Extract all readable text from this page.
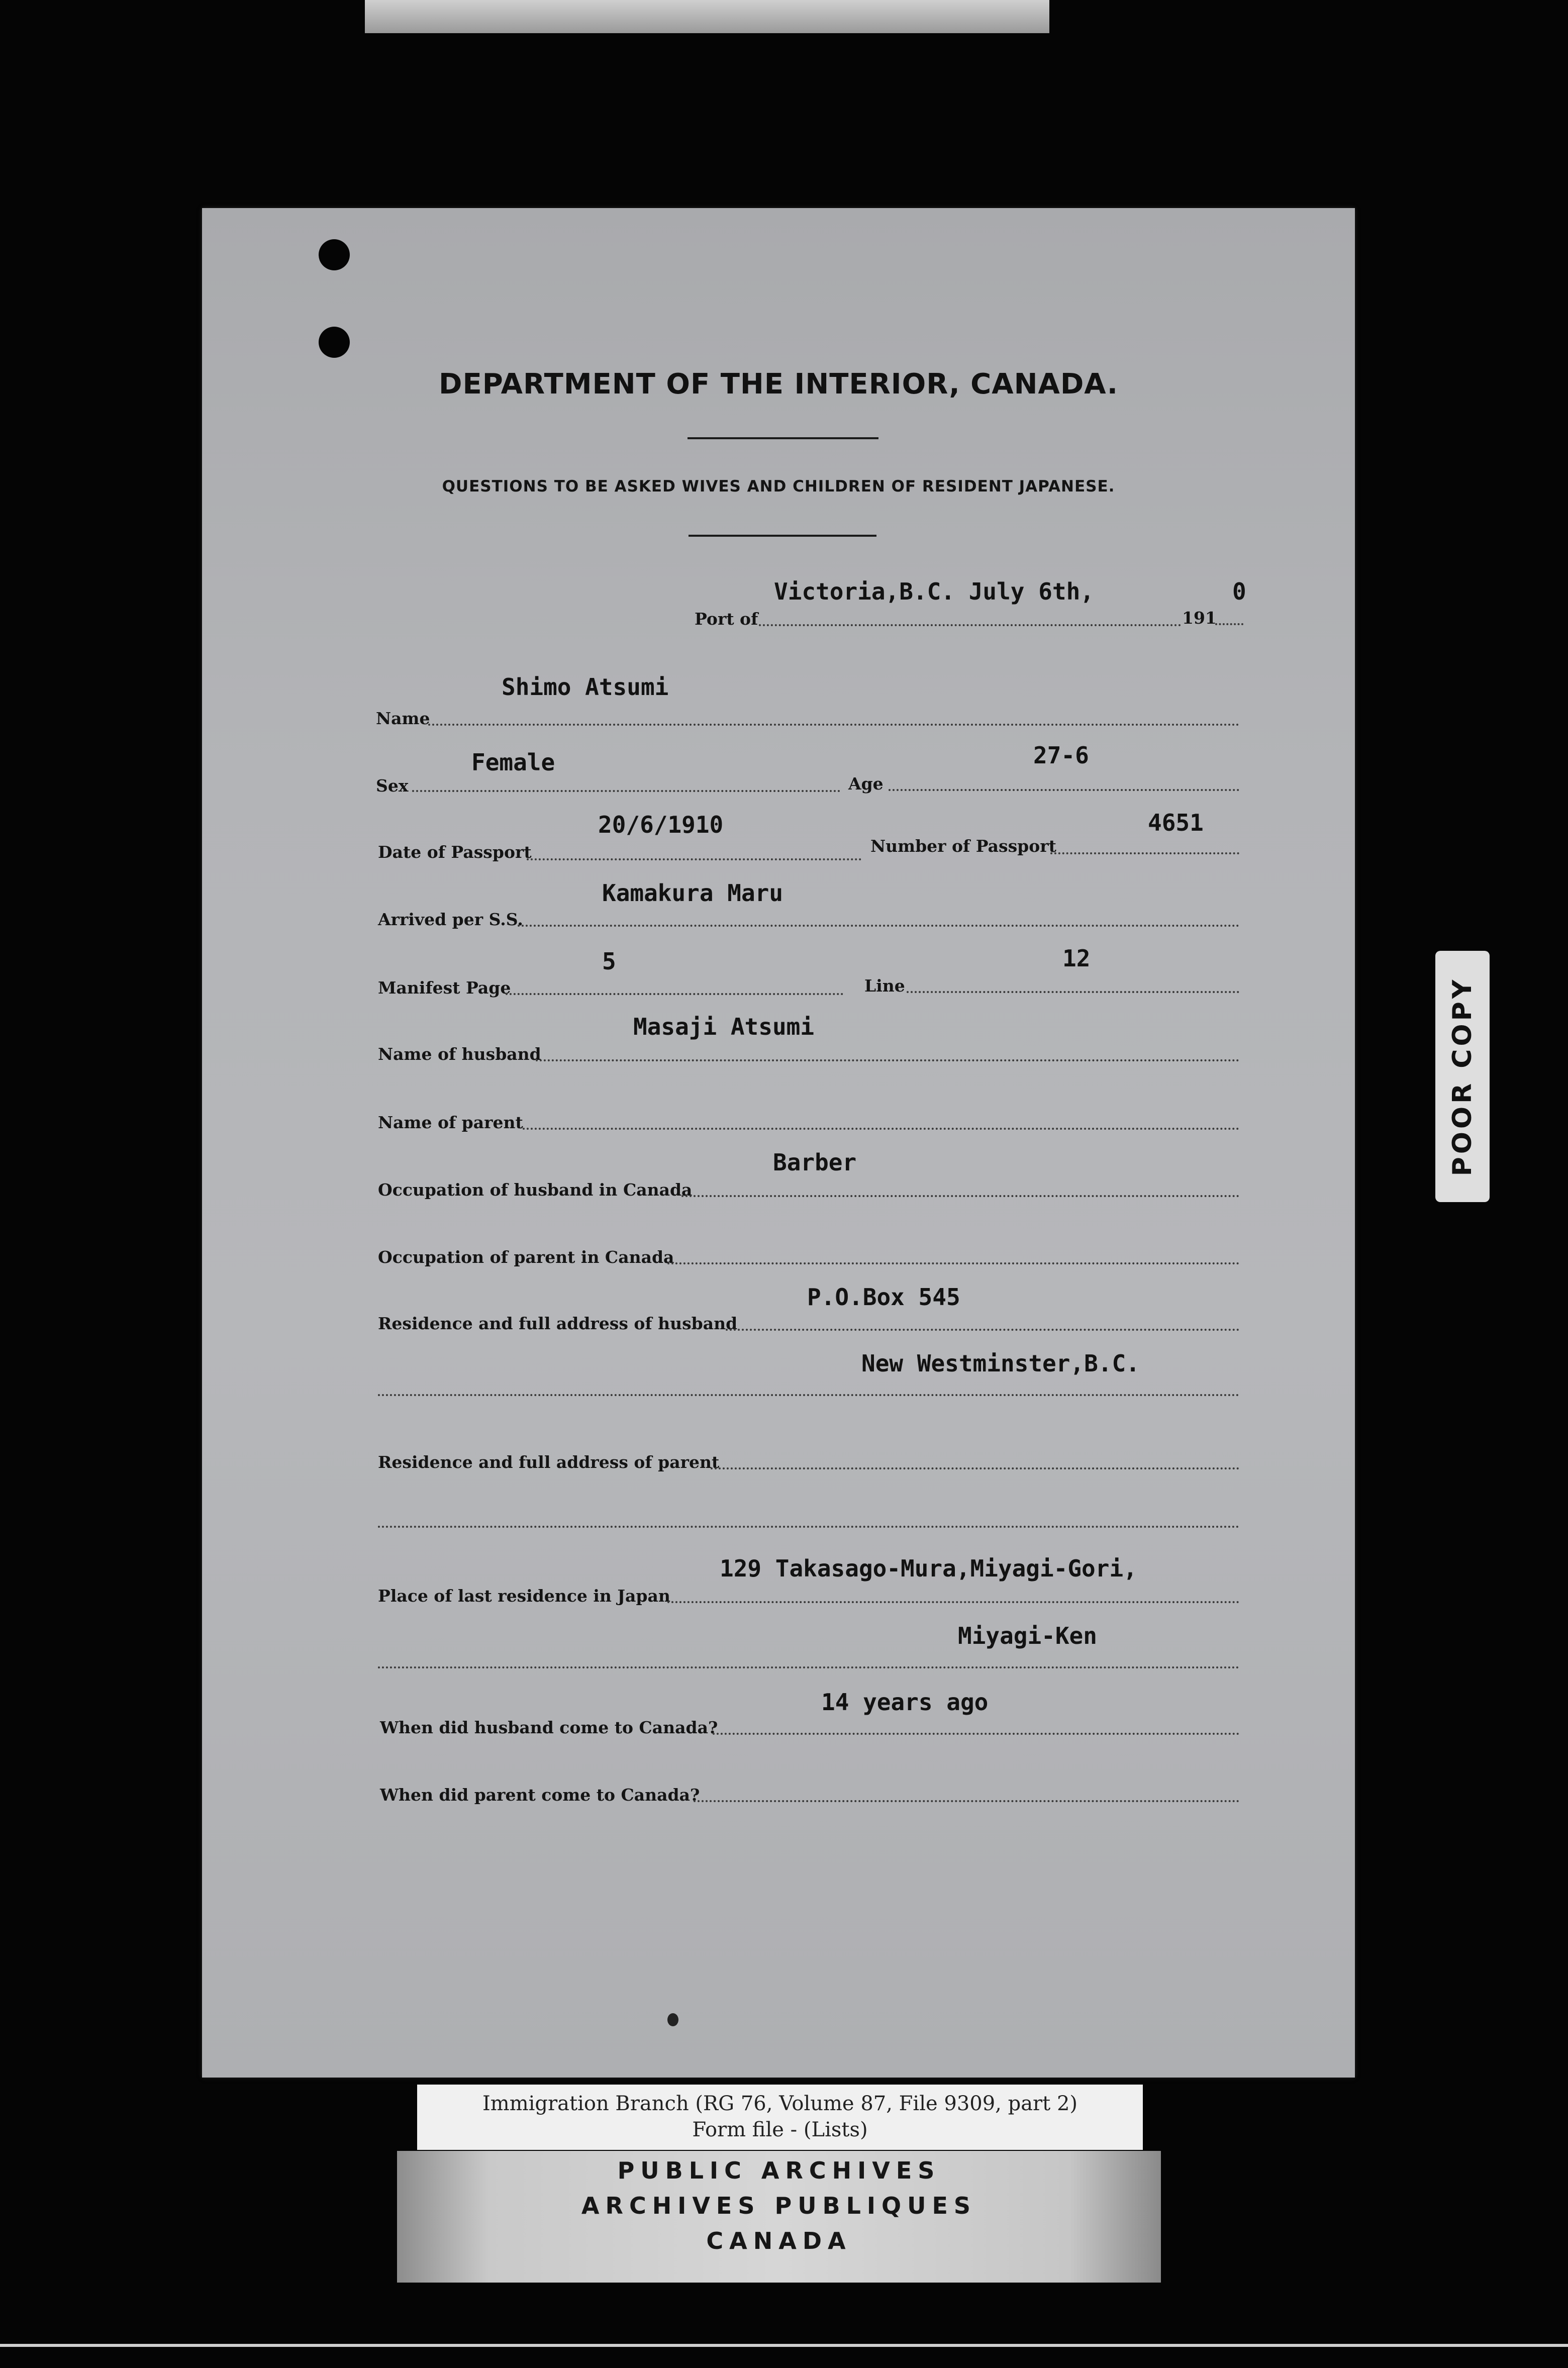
DEPARTMENT OF THE INTERIOR, CANADA.
QUESTIONS TO BE ASKED WIVES AND CHILDREN OF RESIDENT JAPANESE.
Port of
Victoria,B.C. July 6th,
191
0
Name
Shimo Atsumi
Sex
Female
Age
27-6
Date of Passport
20/6/1910
Number of Passport
4651
Arrived per S.S.
Kamakura Maru
Manifest Page
5
Line
12
Name of husband
Masaji Atsumi
Name of parent
Occupation of husband in Canada
Barber
Occupation of parent in Canada
Residence and full address of husband
P.O.Box 545
New Westminster,B.C.
Residence and full address of parent
Place of last residence in Japan
129 Takasago-Mura,Miyagi-Gori,
Miyagi-Ken
When did husband come to Canada?
14 years ago
When did parent come to Canada?
POOR COPY
Immigration Branch (RG 76, Volume 87, File 9309, part 2)
Form file - (Lists)
PUBLIC ARCHIVES
ARCHIVES PUBLIQUES
CANADA
